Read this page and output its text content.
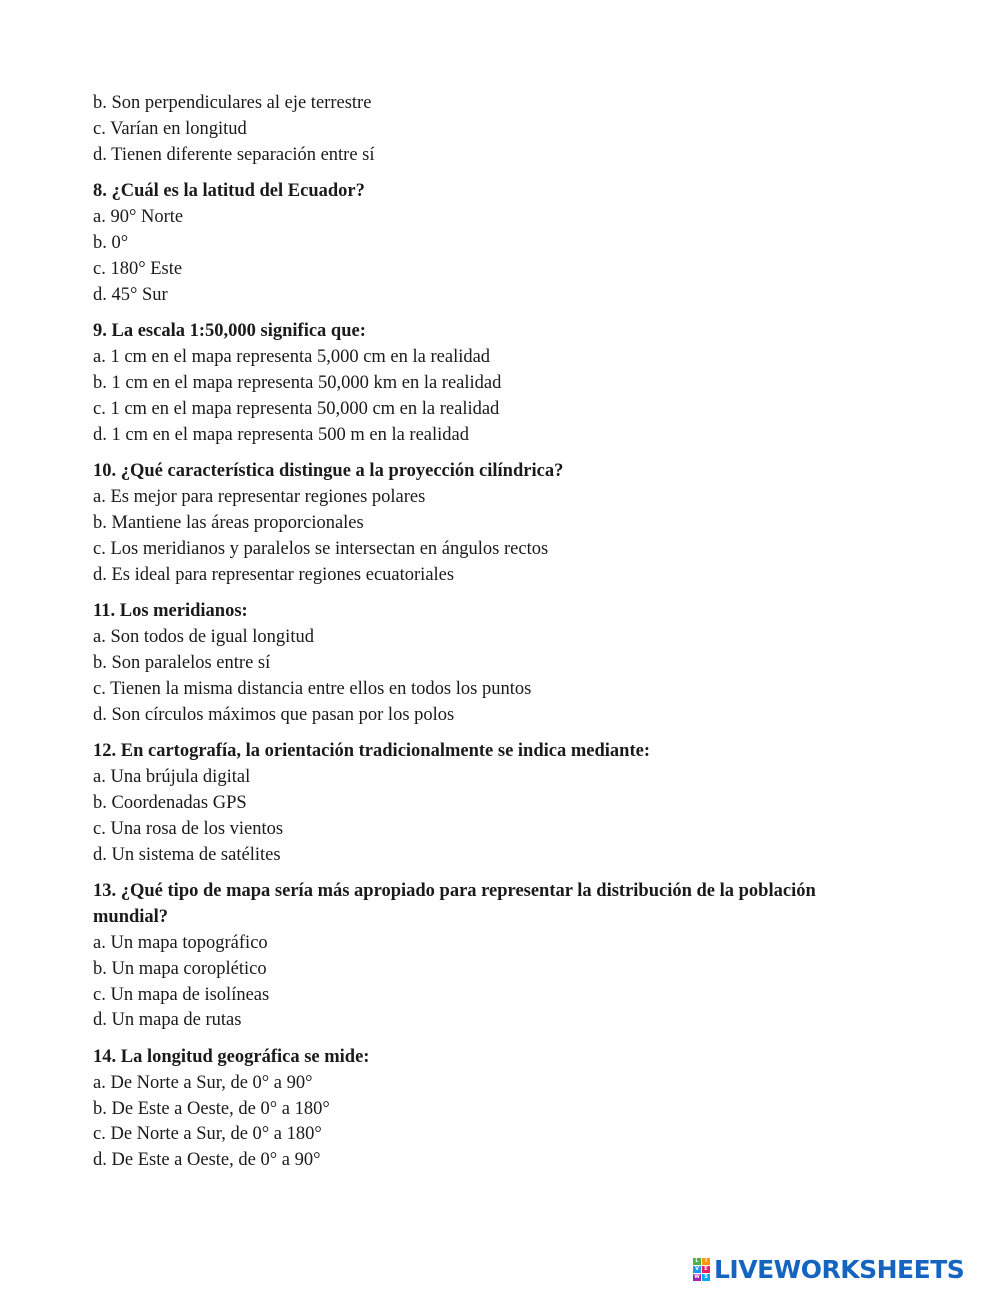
b. Son perpendiculares al eje terrestre
c. Varían en longitud
d. Tienen diferente separación entre sí
8. ¿Cuál es la latitud del Ecuador?
a. 90° Norte
b. 0°
c. 180° Este
d. 45° Sur
9. La escala 1:50,000 significa que:
a. 1 cm en el mapa representa 5,000 cm en la realidad
b. 1 cm en el mapa representa 50,000 km en la realidad
c. 1 cm en el mapa representa 50,000 cm en la realidad
d. 1 cm en el mapa representa 500 m en la realidad
10. ¿Qué característica distingue a la proyección cilíndrica?
a. Es mejor para representar regiones polares
b. Mantiene las áreas proporcionales
c. Los meridianos y paralelos se intersectan en ángulos rectos
d. Es ideal para representar regiones ecuatoriales
11. Los meridianos:
a. Son todos de igual longitud
b. Son paralelos entre sí
c. Tienen la misma distancia entre ellos en todos los puntos
d. Son círculos máximos que pasan por los polos
12. En cartografía, la orientación tradicionalmente se indica mediante:
a. Una brújula digital
b. Coordenadas GPS
c. Una rosa de los vientos
d. Un sistema de satélites
13. ¿Qué tipo de mapa sería más apropiado para representar la distribución de la población mundial?
a. Un mapa topográfico
b. Un mapa coroplético
c. Un mapa de isolíneas
d. Un mapa de rutas
14. La longitud geográfica se mide:
a. De Norte a Sur, de 0° a 90°
b. De Este a Oeste, de 0° a 180°
c. De Norte a Sur, de 0° a 180°
d. De Este a Oeste, de 0° a 90°
L	I
V	E
W S LIVEWORKSHEETS
